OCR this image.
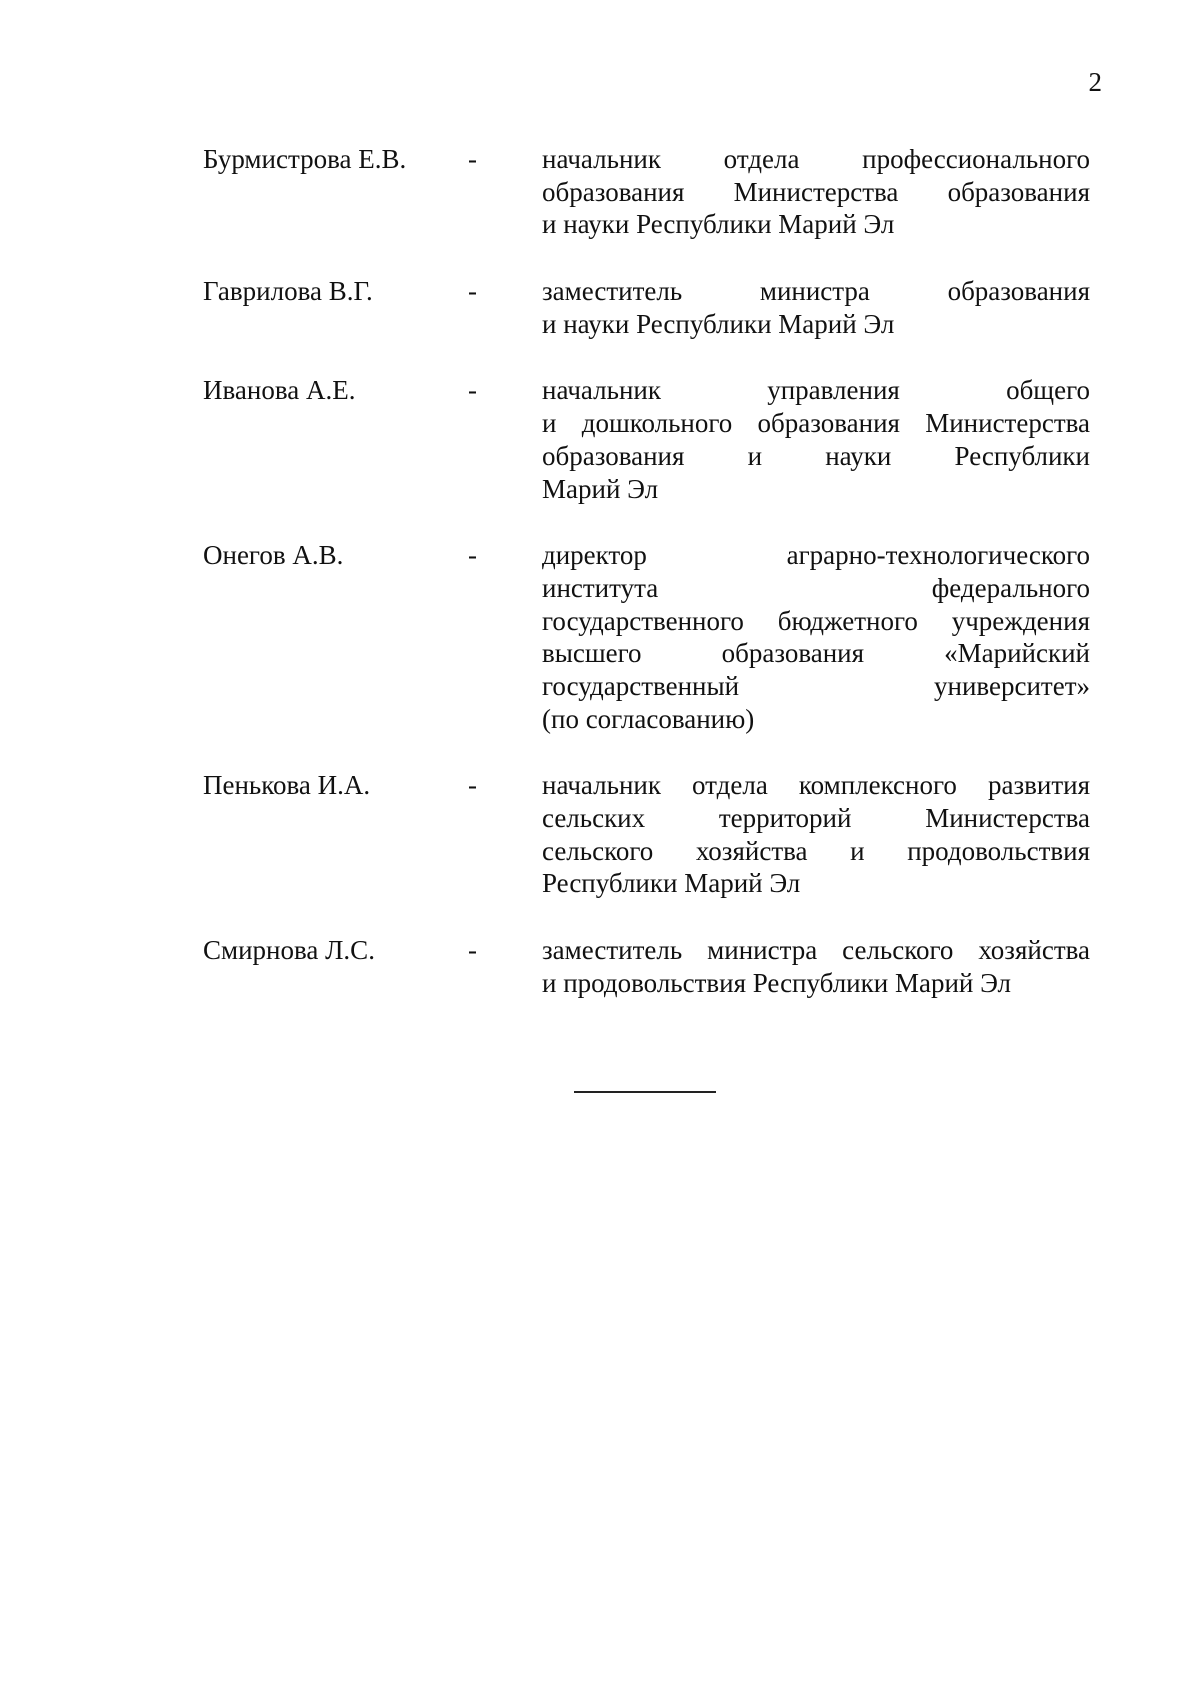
2
Бурмистрова Е.В.	-	начальник отдела профессионального
образования Министерства образования
и науки Республики Марий Эл
Гаврилова В.Г.	-	заместитель министра образования
и науки Республики Марий Эл
Иванова А.Е.	-	начальник управления общего
и дошкольного образования Министерства
образования и науки Республики
Марий Эл
Онегов А.В.	-	директор аграрно-технологического
института федерального
государственного бюджетного учреждения
высшего образования «Марийский
государственный университет»
(по согласованию)
Пенькова И.А.	-	начальник отдела комплексного развития
сельских территорий Министерства
сельского хозяйства и продовольствия
Республики Марий Эл
Смирнова Л.С.	-	заместитель министра сельского хозяйства
и продовольствия Республики Марий Эл
